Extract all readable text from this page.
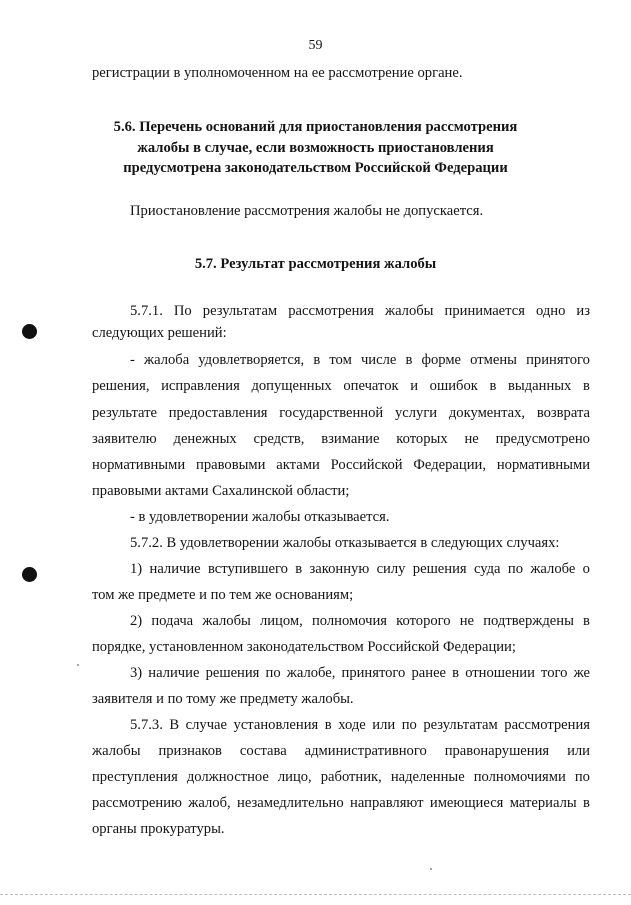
59
регистрации в уполномоченном на ее рассмотрение органе.
5.6. Перечень оснований для приостановления рассмотрения
жалобы в случае, если возможность приостановления
предусмотрена законодательством Российской Федерации
Приостановление рассмотрения жалобы не допускается.
5.7. Результат рассмотрения жалобы
5.7.1. По результатам рассмотрения жалобы принимается одно из
следующих решений:
- жалоба удовлетворяется, в том числе в форме отмены принятого
решения, исправления допущенных опечаток и ошибок в выданных в
результате предоставления государственной услуги документах, возврата
заявителю денежных средств, взимание которых не предусмотрено
нормативными правовыми актами Российской Федерации, нормативными
правовыми актами Сахалинской области;
- в удовлетворении жалобы отказывается.
5.7.2. В удовлетворении жалобы отказывается в следующих случаях:
1) наличие вступившего в законную силу решения суда по жалобе о
том же предмете и по тем же основаниям;
2) подача жалобы лицом, полномочия которого не подтверждены в
порядке, установленном законодательством Российской Федерации;
3) наличие решения по жалобе, принятого ранее в отношении того же
заявителя и по тому же предмету жалобы.
5.7.3. В случае установления в ходе или по результатам рассмотрения
жалобы признаков состава административного правонарушения или
преступления должностное лицо, работник, наделенные полномочиями по
рассмотрению жалоб, незамедлительно направляют имеющиеся материалы в
органы прокуратуры.
